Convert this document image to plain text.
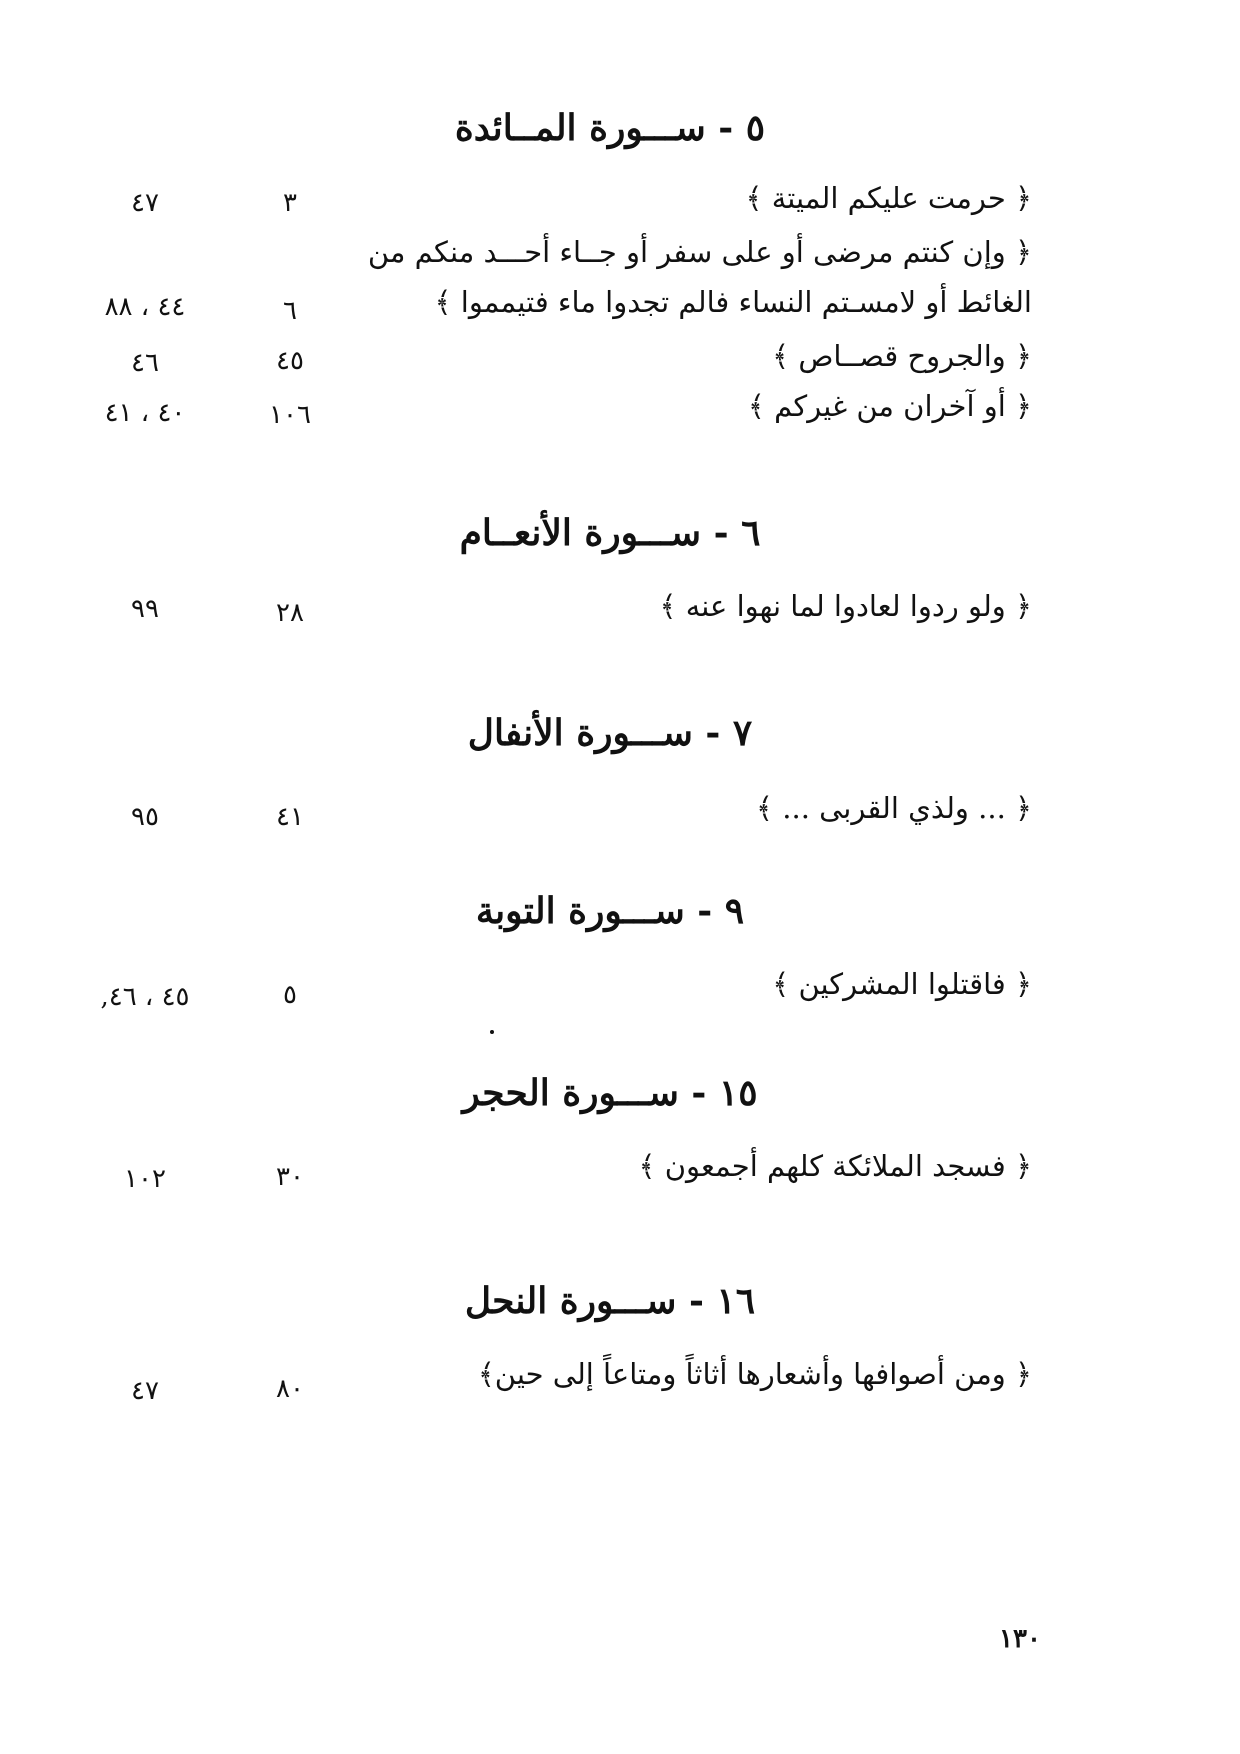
٥ - ســـورة المــائدة
﴿ حرمت عليكم الميتة ﴾
٣
٤٧
﴿ وإن كنتم مرضى أو على سفر أو جــاء أحـــد منكم من
الغائط أو لامسـتم النساء فالم تجدوا ماء فتيمموا ﴾
٦
٤٤ ، ٨٨
﴿ والجروح قصــاص ﴾
٤٥
٤٦
﴿ أو آخران من غيركم ﴾
١٠٦
٤٠ ، ٤١
٦ - ســـورة الأنعــام
﴿ ولو ردوا لعادوا لما نهوا عنه ﴾
٢٨
٩٩
٧ - ســـورة الأنفال
﴿ ... ولذي القربى ... ﴾
٤١
٩٥
٩ - ســـورة التوبة
﴿ فاقتلوا المشركين ﴾
٥
٤٥ ، ٤٦,
١٥ - ســـورة الحجر
﴿ فسجد الملائكة كلهم أجمعون ﴾
٣٠
١٠٢
١٦ - ســـورة النحل
﴿ ومن أصوافها وأشعارها أثاثاً ومتاعاً إلى حين﴾
٨٠
٤٧
١٣٠
